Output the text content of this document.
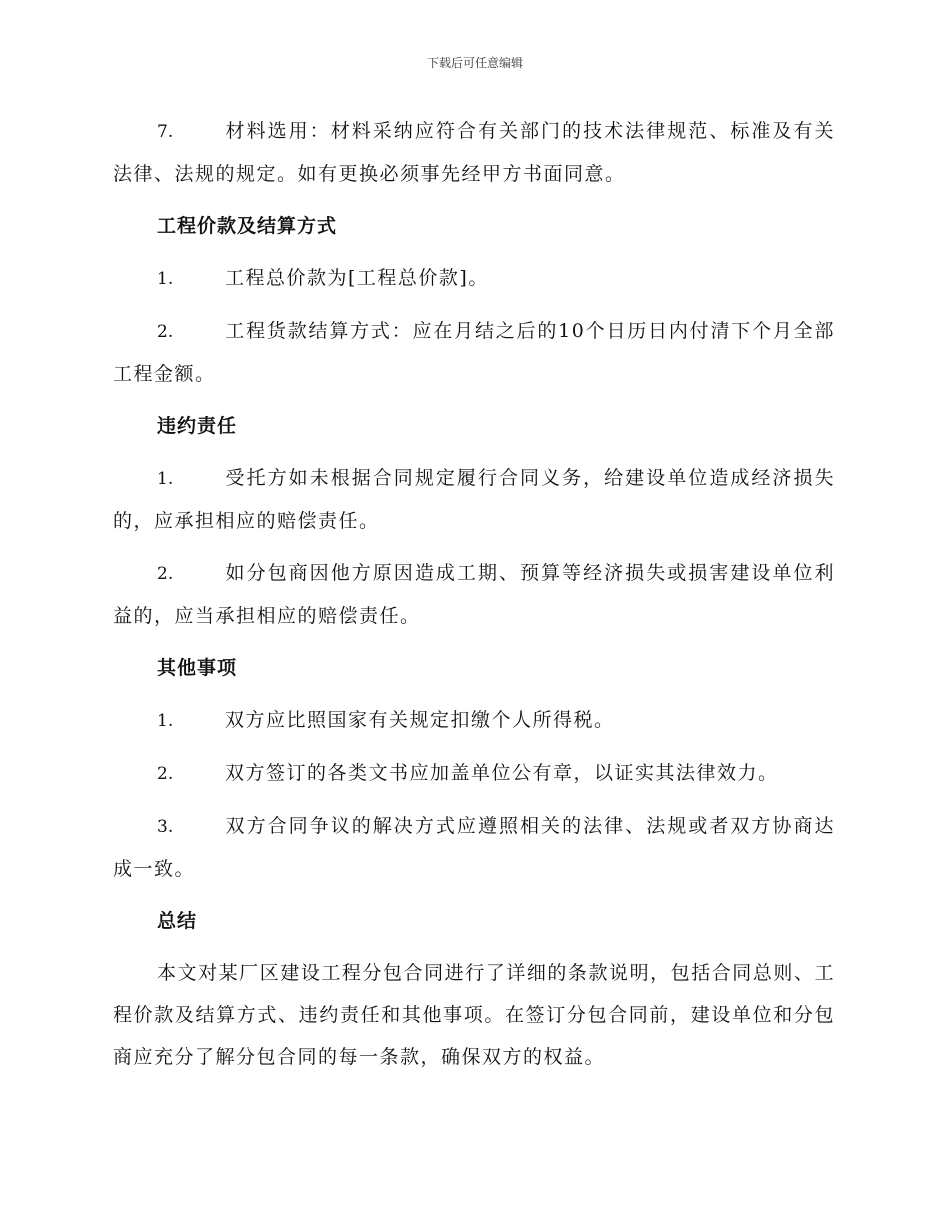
下载后可任意编辑

7.	材料选用：材料采纳应符合有关部门的技术法律规范、标准及有关法律、法规的规定。如有更换必须事先经甲方书面同意。

工程价款及结算方式

1.	工程总价款为[工程总价款]。

2.	工程货款结算方式：应在月结之后的10个日历日内付清下个月全部工程金额。

违约责任

1.	受托方如未根据合同规定履行合同义务，给建设单位造成经济损失的，应承担相应的赔偿责任。

2.	如分包商因他方原因造成工期、预算等经济损失或损害建设单位利益的，应当承担相应的赔偿责任。

其他事项

1.	双方应比照国家有关规定扣缴个人所得税。

2.	双方签订的各类文书应加盖单位公有章，以证实其法律效力。

3.	双方合同争议的解决方式应遵照相关的法律、法规或者双方协商达成一致。

总结

本文对某厂区建设工程分包合同进行了详细的条款说明，包括合同总则、工程价款及结算方式、违约责任和其他事项。在签订分包合同前，建设单位和分包商应充分了解分包合同的每一条款，确保双方的权益。
